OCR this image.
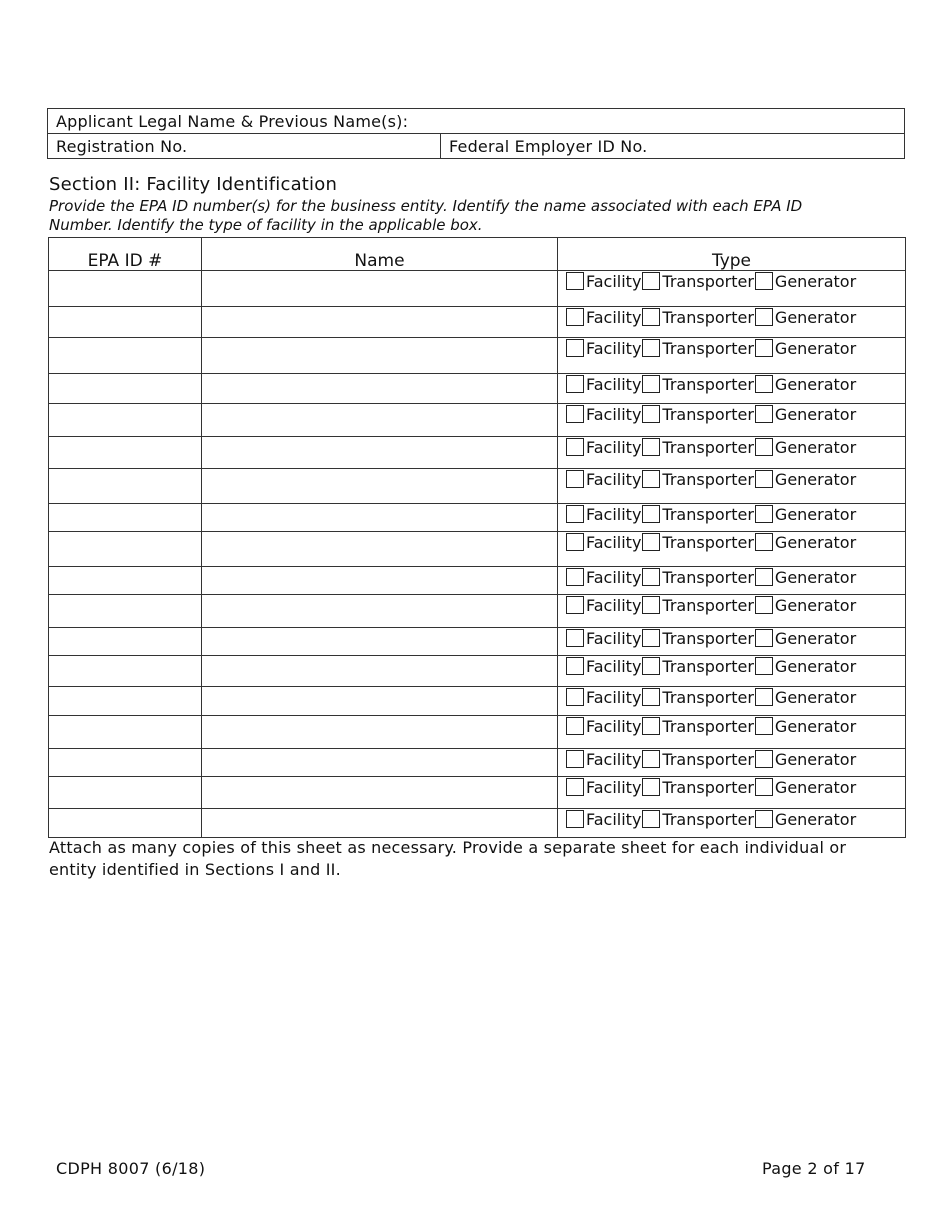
Applicant Legal Name & Previous Name(s):
Registration No.	Federal Employer ID No.
Section II: Facility Identification

Provide the EPA ID number(s) for the business entity. Identify the name associated with each EPA ID Number. Identify the type of facility in the applicable box.

EPA ID #	Name	Type
		Facility Transporter Generator
		Facility Transporter Generator
		Facility Transporter Generator
		Facility Transporter Generator
		Facility Transporter Generator
		Facility Transporter Generator
		Facility Transporter Generator
		Facility Transporter Generator
		Facility Transporter Generator
		Facility Transporter Generator
		Facility Transporter Generator
		Facility Transporter Generator
		Facility Transporter Generator
		Facility Transporter Generator
		Facility Transporter Generator
		Facility Transporter Generator
		Facility Transporter Generator
		Facility Transporter Generator

Attach as many copies of this sheet as necessary. Provide a separate sheet for each individual or entity identified in Sections I and II.

CDPH 8007 (6/18)	Page 2 of 17
